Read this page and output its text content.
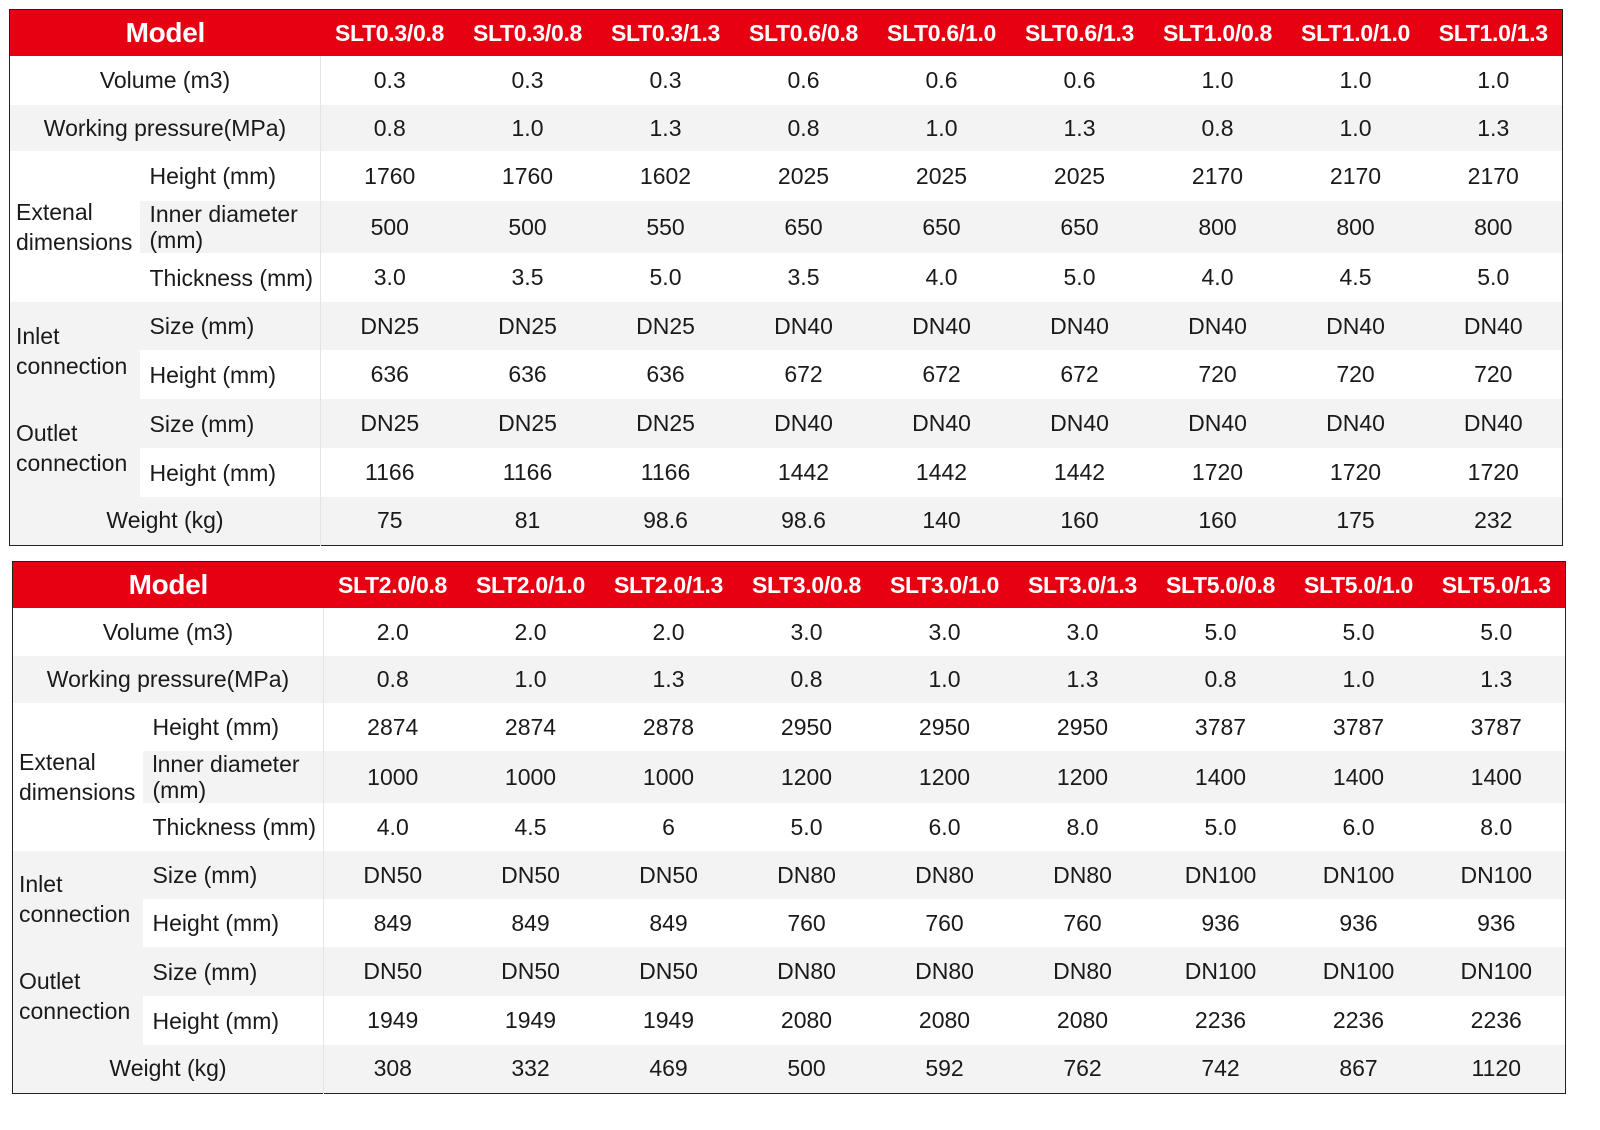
Model		SLT0.3/0.8	SLT0.3/0.8	SLT0.3/1.3	SLT0.6/0.8	SLT0.6/1.0	SLT0.6/1.3	SLT1.0/0.8	SLT1.0/1.0	SLT1.0/1.3
Volume (m3)		0.3	0.3	0.3	0.6	0.6	0.6	1.0	1.0	1.0
Working pressure(MPa)		0.8	1.0	1.3	0.8	1.0	1.3	0.8	1.0	1.3
Extenal dimensions	Height (mm)	1760	1760	1602	2025	2025	2025	2170	2170	2170
	Inner diameter (mm)	500	500	550	650	650	650	800	800	800
	Thickness (mm)	3.0	3.5	5.0	3.5	4.0	5.0	4.0	4.5	5.0
Inlet connection	Size (mm)	DN25	DN25	DN25	DN40	DN40	DN40	DN40	DN40	DN40
	Height (mm)	636	636	636	672	672	672	720	720	720
Outlet connection	Size (mm)	DN25	DN25	DN25	DN40	DN40	DN40	DN40	DN40	DN40
	Height (mm)	1166	1166	1166	1442	1442	1442	1720	1720	1720
Weight (kg)		75	81	98.6	98.6	140	160	160	175	232
Model		SLT2.0/0.8	SLT2.0/1.0	SLT2.0/1.3	SLT3.0/0.8	SLT3.0/1.0	SLT3.0/1.3	SLT5.0/0.8	SLT5.0/1.0	SLT5.0/1.3
Volume (m3)		2.0	2.0	2.0	3.0	3.0	3.0	5.0	5.0	5.0
Working pressure(MPa)		0.8	1.0	1.3	0.8	1.0	1.3	0.8	1.0	1.3
Extenal dimensions	Height (mm)	2874	2874	2878	2950	2950	2950	3787	3787	3787
	lnner diameter (mm)	1000	1000	1000	1200	1200	1200	1400	1400	1400
	Thickness (mm)	4.0	4.5	6	5.0	6.0	8.0	5.0	6.0	8.0
Inlet connection	Size (mm)	DN50	DN50	DN50	DN80	DN80	DN80	DN100	DN100	DN100
	Height (mm)	849	849	849	760	760	760	936	936	936
Outlet connection	Size (mm)	DN50	DN50	DN50	DN80	DN80	DN80	DN100	DN100	DN100
	Height (mm)	1949	1949	1949	2080	2080	2080	2236	2236	2236
Weight (kg)		308	332	469	500	592	762	742	867	1120
